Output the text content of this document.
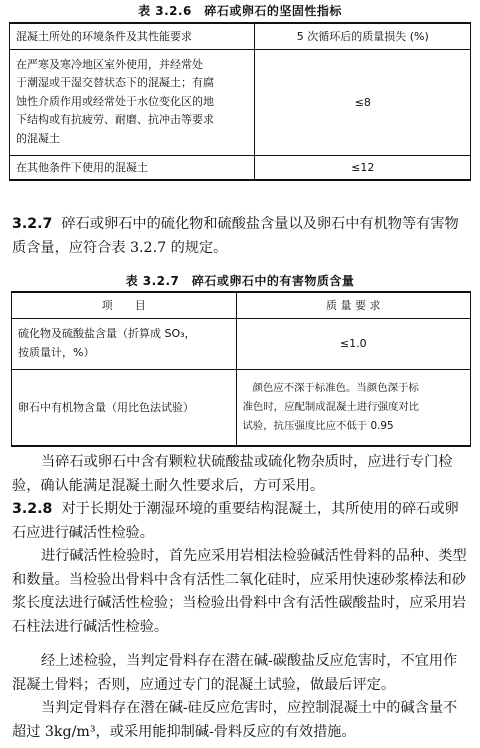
表 3.2.6　碎石或卵石的坚固性指标
混凝土所处的环境条件及其性能要求	5 次循环后的质量损失 (%)

在严寒及寒冷地区室外使用，并经常处
于潮湿或干湿交替状态下的混凝土；有腐
蚀性介质作用或经常处于水位变化区的地
下结构或有抗疲劳、耐磨、抗冲击等要求
的混凝土	≤8

在其他条件下使用的混凝土	≤12

3.2.7 碎石或卵石中的硫化物和硫酸盐含量以及卵石中有机物等有害物质含量，应符合表 3.2.7 的规定。

表 3.2.7　碎石或卵石中的有害物质含量
项　　目	质 量 要 求

硫化物及硫酸盐含量（折算成 SO₃，
按质量计，%）	≤1.0

卵石中有机物含量（用比色法试验）	颜色应不深于标准色。当颜色深于标
准色时，应配制成混凝土进行强度对比
试验，抗压强度比应不低于 0.95

当碎石或卵石中含有颗粒状硫酸盐或硫化物杂质时，应进行专门检验，确认能满足混凝土耐久性要求后，方可采用。

3.2.8 对于长期处于潮湿环境的重要结构混凝土，其所使用的碎石或卵石应进行碱活性检验。

进行碱活性检验时，首先应采用岩相法检验碱活性骨料的品种、类型和数量。当检验出骨料中含有活性二氧化硅时，应采用快速砂浆棒法和砂浆长度法进行碱活性检验；当检验出骨料中含有活性碳酸盐时，应采用岩石柱法进行碱活性检验。

经上述检验，当判定骨料存在潜在碱-碳酸盐反应危害时，不宜用作混凝土骨料；否则，应通过专门的混凝土试验，做最后评定。

当判定骨料存在潜在碱-硅反应危害时，应控制混凝土中的碱含量不超过 3kg/m³，或采用能抑制碱-骨料反应的有效措施。
